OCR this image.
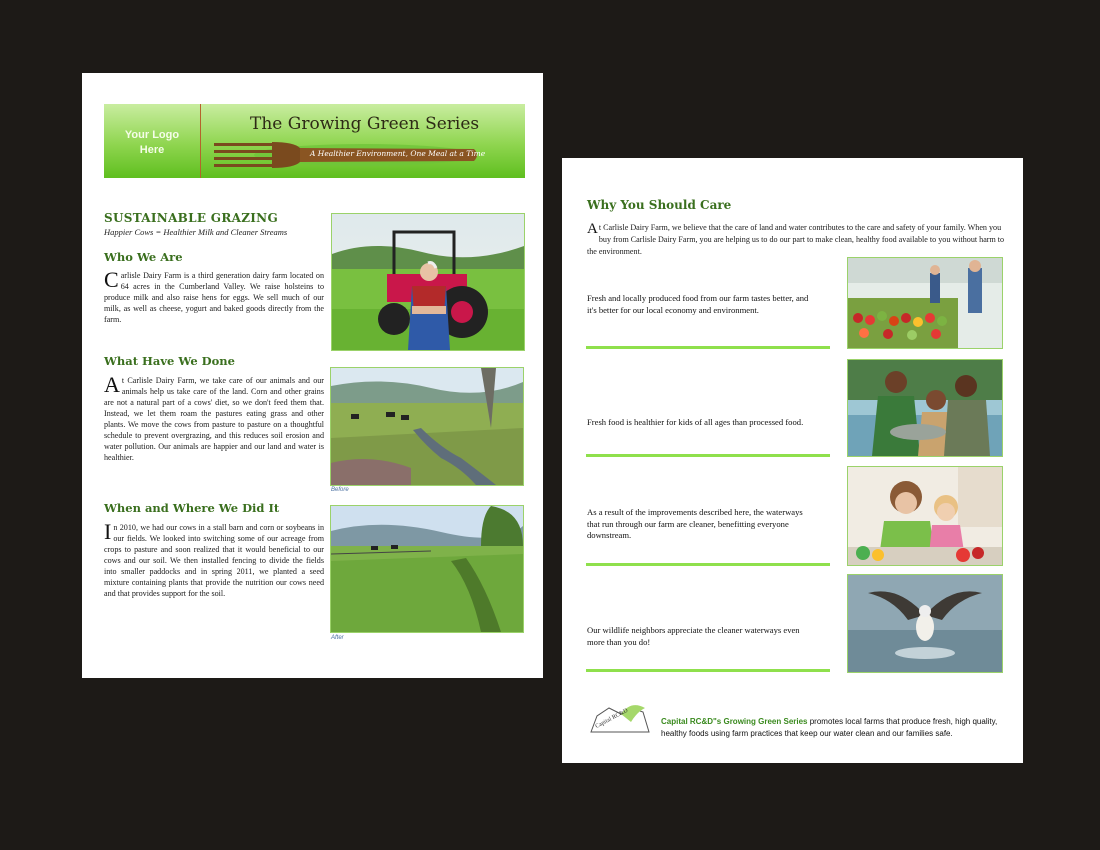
Your Logo
Here
The Growing Green Series
A Healthier Environment, One Meal at a Time
SUSTAINABLE GRAZING
Happier Cows = Healthier Milk and Cleaner Streams
Who We Are

Carlisle Dairy Farm is a third generation dairy farm located on 64 acres in the Cumberland Valley. We raise holsteins to produce milk and also raise hens for eggs. We sell much of our milk, as well as cheese, yogurt and baked goods directly from the farm.

What Have We Done

At Carlisle Dairy Farm, we take care of our animals and our animals help us take care of the land. Corn and other grains are not a natural part of a cows' diet, so we don't feed them that. Instead, we let them roam the pastures eating grass and other plants. We move the cows from pasture to pasture on a thoughtful schedule to prevent overgrazing, and this reduces soil erosion and water pollution. Our animals are happier and our land and water is healthier.

Before
When and Where We Did It

In 2010, we had our cows in a stall barn and corn or soybeans in our fields. We looked into switching some of our acreage from crops to pasture and soon realized that it would beneficial to our cows and our soil. We then installed fencing to divide the fields into smaller paddocks and in spring 2011, we planted a seed mixture containing plants that provide the nutrition our cows need and that provides support for the soil.

After
Why You Should Care

At Carlisle Dairy Farm, we believe that the care of land and water contributes to the care and safety of your family. When you buy from Carlisle Dairy Farm, you are helping us to do our part to make clean, healthy food available to you without harm to the environment.

Fresh and locally produced food from our farm tastes better, and it's better for our local economy and environment.

Fresh food is healthier for kids of all ages than processed food.

As a result of the improvements described here, the waterways that run through our farm are cleaner, benefitting everyone downstream.

Our wildlife neighbors appreciate the cleaner waterways even more than you do!

Capital RC&D	Capital RC&D"s Growing Green Series promotes local farms that produce fresh, high quality, healthy foods using farm practices that keep our water clean and our families safe.
